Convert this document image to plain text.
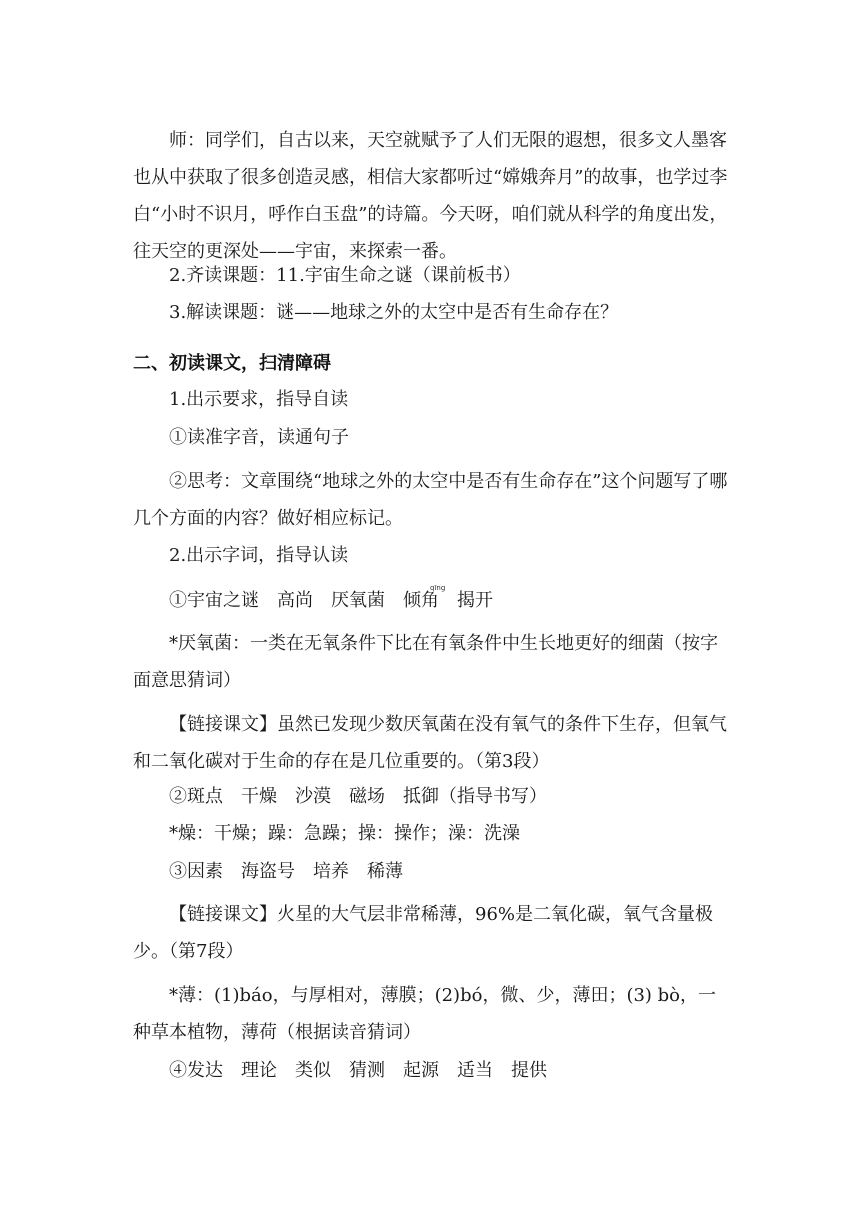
师：同学们，自古以来，天空就赋予了人们无限的遐想，很多文人墨客也从中获取了很多创造灵感，相信大家都听过“嫦娥奔月”的故事，也学过李白“小时不识月，呼作白玉盘”的诗篇。今天呀，咱们就从科学的角度出发，往天空的更深处——宇宙，来探索一番。
2.齐读课题：11.宇宙生命之谜（课前板书）
3.解读课题：谜——地球之外的太空中是否有生命存在？
二、初读课文，扫清障碍
1.出示要求，指导自读
①读准字音，读通句子
②思考：文章围绕“地球之外的太空中是否有生命存在”这个问题写了哪几个方面的内容？做好相应标记。
2.出示字词，指导认读
①宇宙之谜　高尚　厌氧菌　倾角　揭开
qīng
*厌氧菌：一类在无氧条件下比在有氧条件中生长地更好的细菌（按字面意思猜词）
【链接课文】虽然已发现少数厌氧菌在没有氧气的条件下生存，但氧气和二氧化碳对于生命的存在是几位重要的。（第3段）
②斑点　干燥　沙漠　磁场　抵御（指导书写）
*燥：干燥；躁：急躁；操：操作；澡：洗澡
③因素　海盗号　培养　稀薄
【链接课文】火星的大气层非常稀薄，96%是二氧化碳，氧气含量极少。（第7段）
*薄：(1)báo，与厚相对，薄膜；(2)bó，微、少，薄田；(3) bò，一种草本植物，薄荷（根据读音猜词）
④发达　理论　类似　猜测　起源　适当　提供
